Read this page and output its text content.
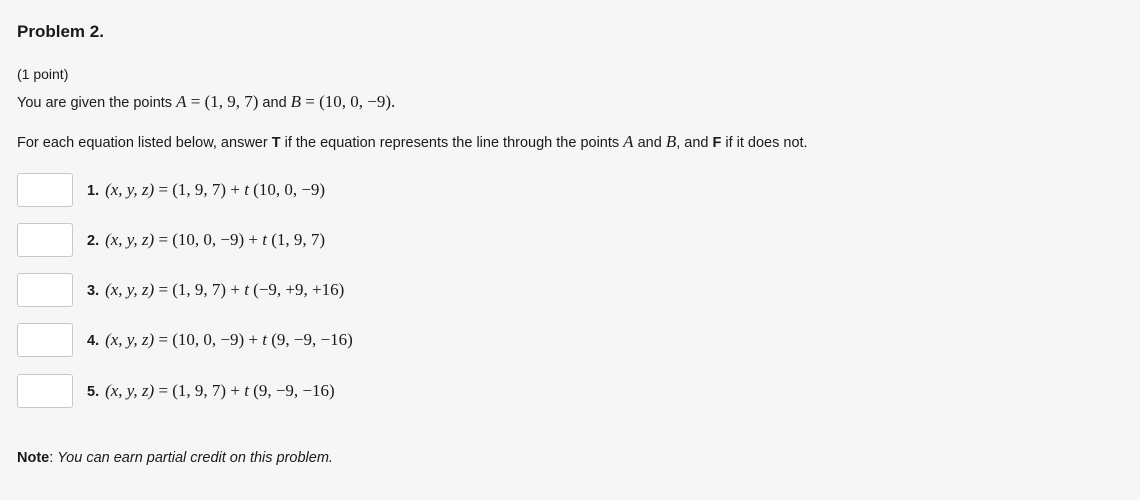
Problem 2.
(1 point)
You are given the points A = (1, 9, 7) and B = (10, 0, −9).
For each equation listed below, answer T if the equation represents the line through the points A and B, and F if it does not.
1. (x, y, z) = (1, 9, 7) + t (10, 0, −9)
2. (x, y, z) = (10, 0, −9) + t (1, 9, 7)
3. (x, y, z) = (1, 9, 7) + t (−9, +9, +16)
4. (x, y, z) = (10, 0, −9) + t (9, −9, −16)
5. (x, y, z) = (1, 9, 7) + t (9, −9, −16)
Note: You can earn partial credit on this problem.
